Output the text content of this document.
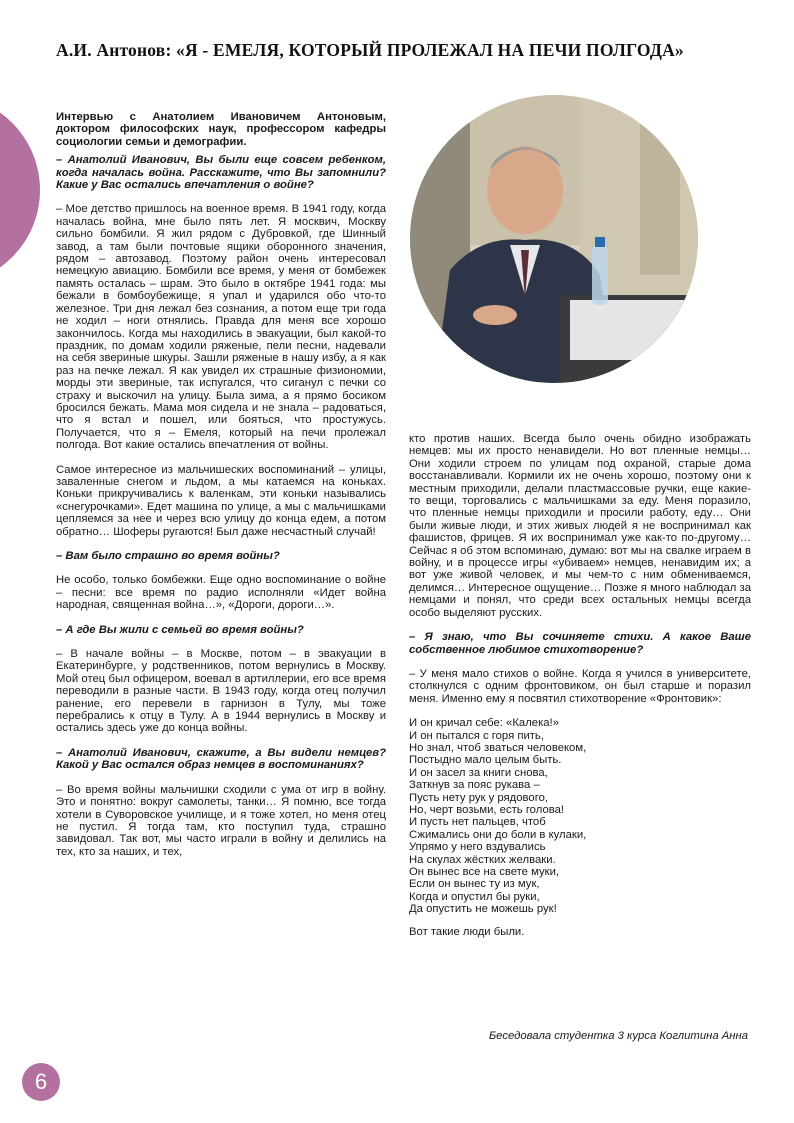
А.И. Антонов: «Я - ЕМЕЛЯ, КОТОРЫЙ ПРОЛЕЖАЛ НА ПЕЧИ ПОЛГОДА»

Интервью с Анатолием Ивановичем Антоновым, доктором философских наук, профессором кафедры социологии семьи и демографии.

– Анатолий Иванович, Вы были еще совсем ребенком, когда началась война. Расскажите, что Вы запомнили? Какие у Вас остались впечатления о войне?

– Мое детство пришлось на военное время. В 1941 году, когда началась война, мне было пять лет. Я москвич, Москву сильно бомбили. Я жил рядом с Дубровкой, где Шинный завод, а там были почтовые ящики оборонного значения, рядом – автозавод. Поэтому район очень интересовал немецкую авиацию. Бомбили все время, у меня от бомбежек память осталась – шрам. Это было в октябре 1941 года: мы бежали в бомбоубежище, я упал и ударился обо что-то железное. Три дня лежал без сознания, а потом еще три года не ходил – ноги отнялись. Правда для меня все хорошо закончилось. Когда мы находились в эвакуации, был какой-то праздник, по домам ходили ряженые, пели песни, надевали на себя звериные шкуры. Зашли ряженые в нашу избу, а я как раз на печке лежал. Я как увидел их страшные физиономии, морды эти звериные, так испугался, что сиганул с печки со страху и выскочил на улицу. Была зима, а я прямо босиком бросился бежать. Мама моя сидела и не знала – радоваться, что я встал и пошел, или бояться, что простужусь. Получается, что я – Емеля, который на печи пролежал полгода. Вот какие остались впечатления от войны.

Самое интересное из мальчишеских воспоминаний – улицы, заваленные снегом и льдом, а мы катаемся на коньках. Коньки прикручивались к валенкам, эти коньки назывались «снегурочками». Едет машина по улице, а мы с мальчишками цепляемся за нее и через всю улицу до конца едем, а потом обратно… Шоферы ругаются! Был даже несчастный случай!

– Вам было страшно во время войны?

Не особо, только бомбежки. Еще одно воспоминание о войне – песни: все время по радио исполняли «Идет война народная, священная война…», «Дороги, дороги…».

– А где Вы жили с семьей во время войны?

– В начале войны – в Москве, потом – в эвакуации в Екатеринбурге, у родственников, потом вернулись в Москву. Мой отец был офицером, воевал в артиллерии, его все время переводили в разные части. В 1943 году, когда отец получил ранение, его перевели в гарнизон в Тулу, мы тоже перебрались к отцу в Тулу. А в 1944 вернулись в Москву и остались здесь уже до конца войны.

– Анатолий Иванович, скажите, а Вы видели немцев? Какой у Вас остался образ немцев в воспоминаниях?

– Во время войны мальчишки сходили с ума от игр в войну. Это и понятно: вокруг самолеты, танки… Я помню, все тогда хотели в Суворовское училище, и я тоже хотел, но меня отец не пустил. Я тогда там, кто поступил туда, страшно завидовал. Так вот, мы часто играли в войну и делились на тех, кто за наших, и тех,

кто против наших. Всегда было очень обидно изображать немцев: мы их просто ненавидели. Но вот пленные немцы… Они ходили строем по улицам под охраной, старые дома восстанавливали. Кормили их не очень хорошо, поэтому они к местным приходили, делали пластмассовые ручки, еще какие-то вещи, торговались с мальчишками за еду. Меня поразило, что пленные немцы приходили и просили работу, еду… Они были живые люди, и этих живых людей я не воспринимал как фашистов, фрицев. Я их воспринимал уже как-то по-другому… Сейчас я об этом вспоминаю, думаю: вот мы на свалке играем в войну, и в процессе игры «убиваем» немцев, ненавидим их; а вот уже живой человек, и мы чем-то с ним обмениваемся, делимся… Интересное ощущение… Позже я много наблюдал за немцами и понял, что среди всех остальных немцы всегда особо выделяют русских.

– Я знаю, что Вы сочиняете стихи. А какое Ваше собственное любимое стихотворение?

– У меня мало стихов о войне. Когда я учился в университете, столкнулся с одним фронтовиком, он был старше и поразил меня. Именно ему я посвятил стихотворение «Фронтовик»:

И он кричал себе: «Калека!»
И он пытался с горя пить,
Но знал, чтоб зваться человеком,
Постыдно мало целым быть.
И он засел за книги снова,
Заткнув за пояс рукава –
Пусть нету рук у рядового,
Но, черт возьми, есть голова!
И пусть нет пальцев, чтоб
Сжимались они до боли в кулаки,
Упрямо у него вздувались
На скулах жёстких желваки.
Он вынес все на свете муки,
Если он вынес ту из мук,
Когда и опустил бы руки,
Да опустить не можешь рук!

Вот такие люди были.

Беседовала студентка 3 курса Коглитина Анна
6
